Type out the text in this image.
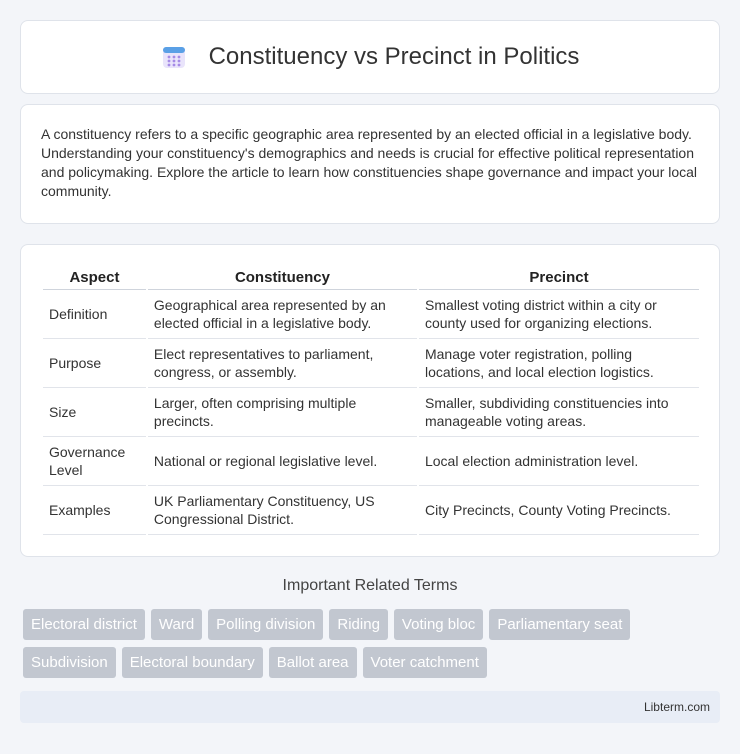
Constituency vs Precinct in Politics

A constituency refers to a specific geographic area represented by an elected official in a legislative body. Understanding your constituency's demographics and needs is crucial for effective political representation and policymaking. Explore the article to learn how constituencies shape governance and impact your local community.

Aspect	Constituency	Precinct
Definition	Geographical area represented by an elected official in a legislative body.	Smallest voting district within a city or county used for organizing elections.
Purpose	Elect representatives to parliament, congress, or assembly.	Manage voter registration, polling locations, and local election logistics.
Size	Larger, often comprising multiple precincts.	Smaller, subdividing constituencies into manageable voting areas.
Governance Level	National or regional legislative level.	Local election administration level.
Examples	UK Parliamentary Constituency, US Congressional District.	City Precincts, County Voting Precincts.
Important Related Terms
Electoral district	Ward	Polling division	Riding	Voting bloc	Parliamentary seat
Subdivision	Electoral boundary	Ballot area	Voter catchment
Libterm.com
